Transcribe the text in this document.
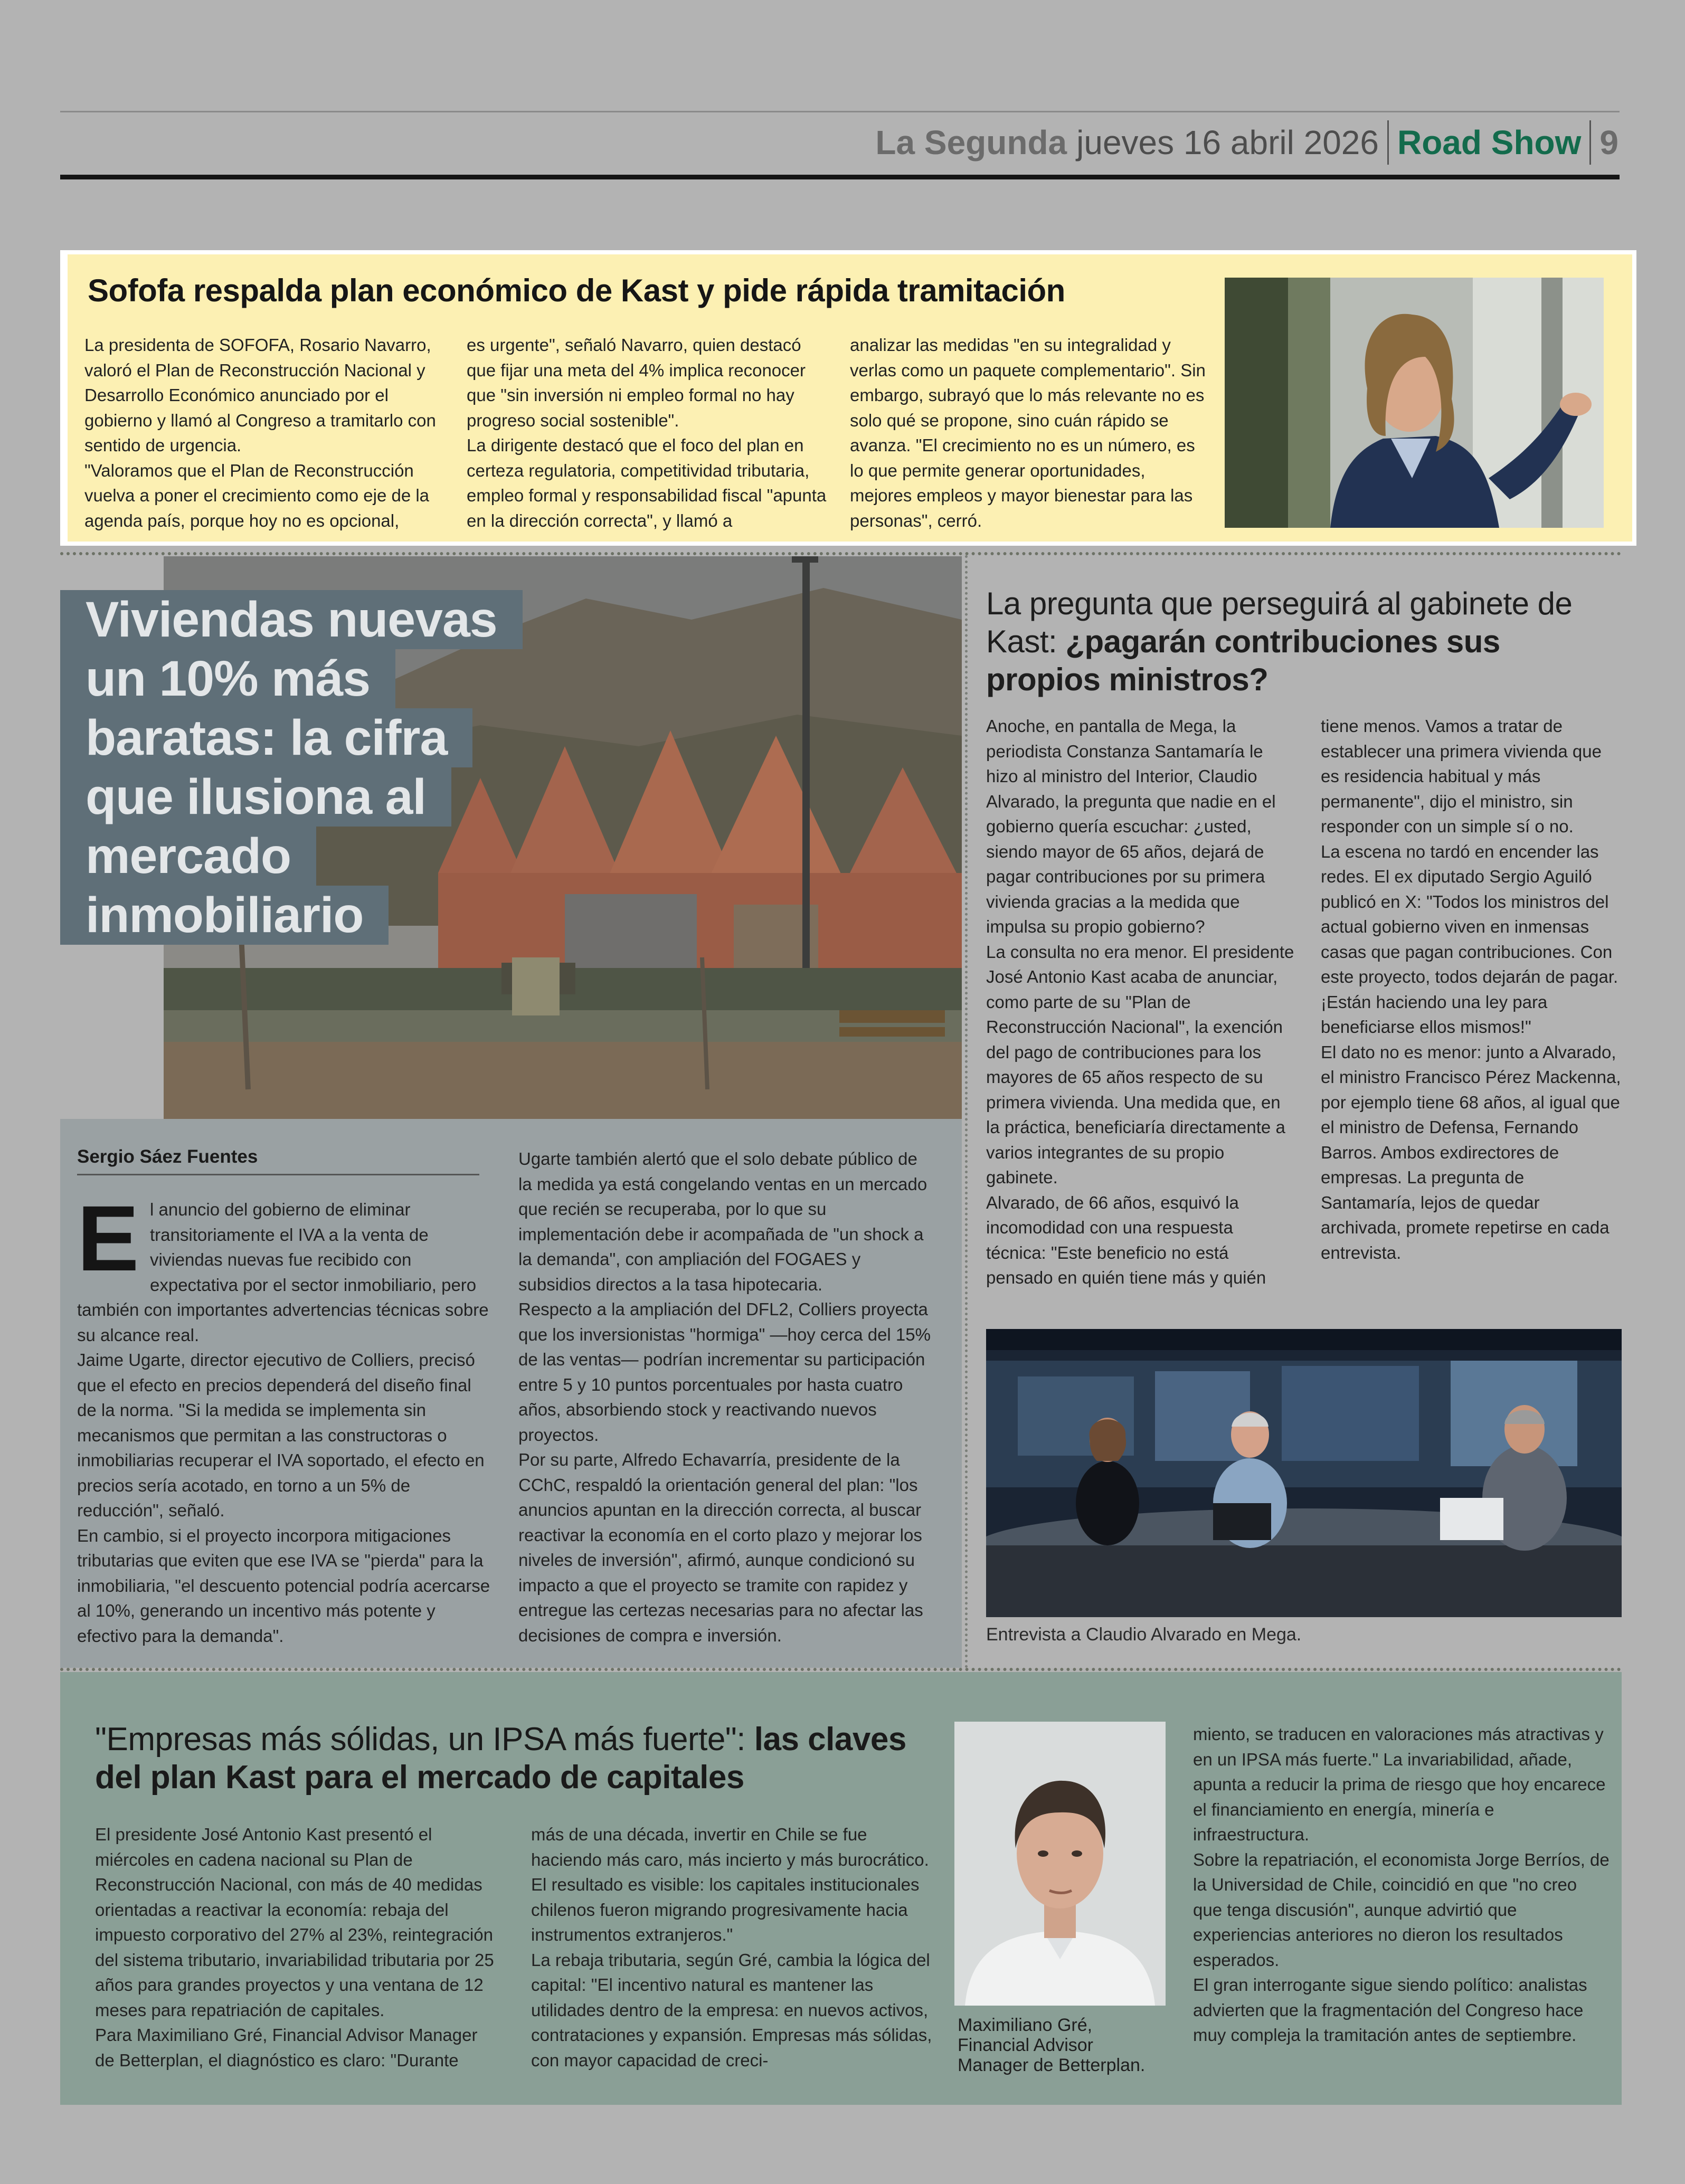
La Segunda jueves 16 abril 2026 Road Show 9
Sofofa respalda plan económico de Kast y pide rápida tramitación

La presidenta de SOFOFA, Rosario Navarro, valoró el Plan de Reconstrucción Nacional y Desarrollo Económico anunciado por el gobierno y llamó al Congreso a tramitarlo con sentido de urgencia.

"Valoramos que el Plan de Reconstrucción vuelva a poner el crecimiento como eje de la agenda país, porque hoy no es opcional,

es urgente", señaló Navarro, quien destacó que fijar una meta del 4% implica reconocer que "sin inversión ni empleo formal no hay progreso social sostenible".

La dirigente destacó que el foco del plan en certeza regulatoria, competitividad tributaria, empleo formal y responsabilidad fiscal "apunta en la dirección correcta", y llamó a

analizar las medidas "en su integralidad y verlas como un paquete complementario". Sin embargo, subrayó que lo más relevante no es solo qué se propone, sino cuán rápido se avanza. "El crecimiento no es un número, es lo que permite generar oportunidades, mejores empleos y mayor bienestar para las personas", cerró.

Viviendas nuevas
un 10% más
baratas: la cifra
que ilusiona al
mercado
inmobiliario
Sergio Sáez Fuentes
E l anuncio del gobierno de eliminar transitoriamente el IVA a la venta de viviendas nuevas fue recibido con expectativa por el sector inmobiliario, pero también con importantes advertencias técnicas sobre su alcance real.

Jaime Ugarte, director ejecutivo de Colliers, precisó que el efecto en precios dependerá del diseño final de la norma. "Si la medida se implementa sin mecanismos que permitan a las constructoras o inmobiliarias recuperar el IVA soportado, el efecto en precios sería acotado, en torno a un 5% de reducción", señaló.

En cambio, si el proyecto incorpora mitigaciones tributarias que eviten que ese IVA se "pierda" para la inmobiliaria, "el descuento potencial podría acercarse al 10%, generando un incentivo más potente y efectivo para la demanda".

Ugarte también alertó que el solo debate público de la medida ya está congelando ventas en un mercado que recién se recuperaba, por lo que su implementación debe ir acompañada de "un shock a la demanda", con ampliación del FOGAES y subsidios directos a la tasa hipotecaria.

Respecto a la ampliación del DFL2, Colliers proyecta que los inversionistas "hormiga" —hoy cerca del 15% de las ventas— podrían incrementar su participación entre 5 y 10 puntos porcentuales por hasta cuatro años, absorbiendo stock y reactivando nuevos proyectos.

Por su parte, Alfredo Echavarría, presidente de la CChC, respaldó la orientación general del plan: "los anuncios apuntan en la dirección correcta, al buscar reactivar la economía en el corto plazo y mejorar los niveles de inversión", afirmó, aunque condicionó su impacto a que el proyecto se tramite con rapidez y entregue las certezas necesarias para no afectar las decisiones de compra e inversión.

La pregunta que perseguirá al gabinete de Kast: ¿pagarán contribuciones sus propios ministros?

Anoche, en pantalla de Mega, la periodista Constanza Santamaría le hizo al ministro del Interior, Claudio Alvarado, la pregunta que nadie en el gobierno quería escuchar: ¿usted, siendo mayor de 65 años, dejará de pagar contribuciones por su primera vivienda gracias a la medida que impulsa su propio gobierno?

La consulta no era menor. El presidente José Antonio Kast acaba de anunciar, como parte de su "Plan de Reconstrucción Nacional", la exención del pago de contribuciones para los mayores de 65 años respecto de su primera vivienda. Una medida que, en la práctica, beneficiaría directamente a varios integrantes de su propio gabinete.

Alvarado, de 66 años, esquivó la incomodidad con una respuesta técnica: "Este beneficio no está pensado en quién tiene más y quién

tiene menos. Vamos a tratar de establecer una primera vivienda que es residencia habitual y más permanente", dijo el ministro, sin responder con un simple sí o no.

La escena no tardó en encender las redes. El ex diputado Sergio Aguiló publicó en X: "Todos los ministros del actual gobierno viven en inmensas casas que pagan contribuciones. Con este proyecto, todos dejarán de pagar. ¡Están haciendo una ley para beneficiarse ellos mismos!"

El dato no es menor: junto a Alvarado, el ministro Francisco Pérez Mackenna, por ejemplo tiene 68 años, al igual que el ministro de Defensa, Fernando Barros. Ambos exdirectores de empresas. La pregunta de Santamaría, lejos de quedar archivada, promete repetirse en cada entrevista.

Entrevista a Claudio Alvarado en Mega.
"Empresas más sólidas, un IPSA más fuerte": las claves del plan Kast para el mercado de capitales

El presidente José Antonio Kast presentó el miércoles en cadena nacional su Plan de Reconstrucción Nacional, con más de 40 medidas orientadas a reactivar la economía: rebaja del impuesto corporativo del 27% al 23%, reintegración del sistema tributario, invariabilidad tributaria por 25 años para grandes proyectos y una ventana de 12 meses para repatriación de capitales.

Para Maximiliano Gré, Financial Advisor Manager de Betterplan, el diagnóstico es claro: "Durante

más de una década, invertir en Chile se fue haciendo más caro, más incierto y más burocrático. El resultado es visible: los capitales institucionales chilenos fueron migrando progresivamente hacia instrumentos extranjeros."

La rebaja tributaria, según Gré, cambia la lógica del capital: "El incentivo natural es mantener las utilidades dentro de la empresa: en nuevos activos, contrataciones y expansión. Empresas más sólidas, con mayor capacidad de creci-

Maximiliano Gré,
Financial Advisor
Manager de Betterplan.

miento, se traducen en valoraciones más atractivas y en un IPSA más fuerte." La invariabilidad, añade, apunta a reducir la prima de riesgo que hoy encarece el financiamiento en energía, minería e infraestructura.

Sobre la repatriación, el economista Jorge Berríos, de la Universidad de Chile, coincidió en que "no creo que tenga discusión", aunque advirtió que experiencias anteriores no dieron los resultados esperados.

El gran interrogante sigue siendo político: analistas advierten que la fragmentación del Congreso hace muy compleja la tramitación antes de septiembre.
